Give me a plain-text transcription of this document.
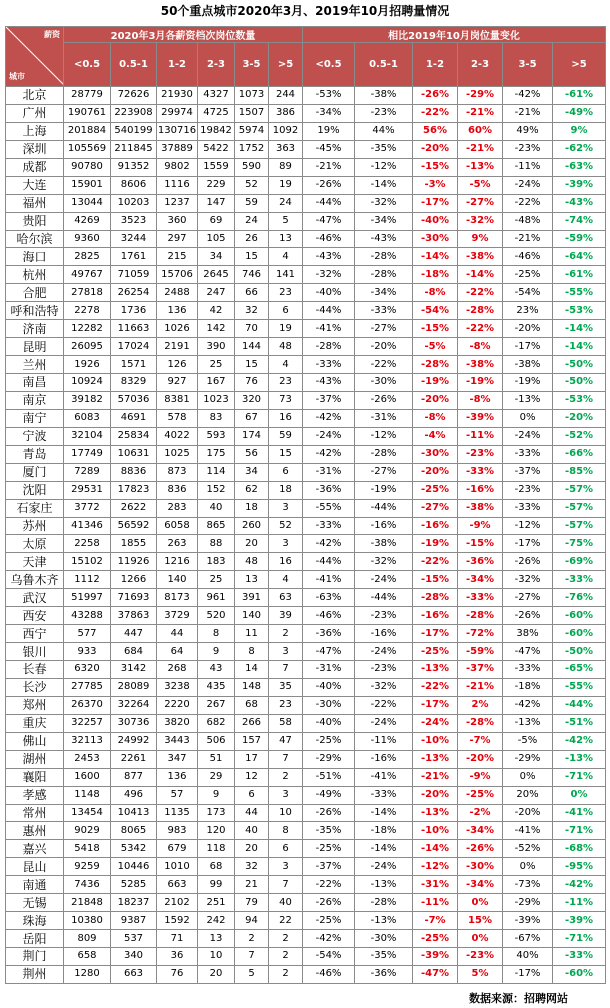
50个重点城市2020年3月、2019年10月招聘量情况
薪资
城市	2020年3月各薪资档次岗位数量						相比2019年10月岗位量变化					
	<0.5	0.5-1	1-2	2-3	3-5	>5	<0.5	0.5-1	1-2	2-3	3-5	>5
北京	28779	72626	21930	4327	1073	244	-53%	-38%	-26%	-29%	-42%	-61%
广州	190761	223908	29974	4725	1507	386	-34%	-23%	-22%	-21%	-21%	-49%
上海	201884	540199	130716	19842	5974	1092	19%	44%	56%	60%	49%	9%
深圳	105569	211845	37889	5422	1752	363	-45%	-35%	-20%	-21%	-23%	-62%
成都	90780	91352	9802	1559	590	89	-21%	-12%	-15%	-13%	-11%	-63%
大连	15901	8606	1116	229	52	19	-26%	-14%	-3%	-5%	-24%	-39%
福州	13044	10203	1237	147	59	24	-44%	-32%	-17%	-27%	-22%	-43%
贵阳	4269	3523	360	69	24	5	-47%	-34%	-40%	-32%	-48%	-74%
哈尔滨	9360	3244	297	105	26	13	-46%	-43%	-30%	9%	-21%	-59%
海口	2825	1761	215	34	15	4	-43%	-28%	-14%	-38%	-46%	-64%
杭州	49767	71059	15706	2645	746	141	-32%	-28%	-18%	-14%	-25%	-61%
合肥	27818	26254	2488	247	66	23	-40%	-34%	-8%	-22%	-54%	-55%
呼和浩特	2278	1736	136	42	32	6	-44%	-33%	-54%	-28%	23%	-53%
济南	12282	11663	1026	142	70	19	-41%	-27%	-15%	-22%	-20%	-14%
昆明	26095	17024	2191	390	144	48	-28%	-20%	-5%	-8%	-17%	-14%
兰州	1926	1571	126	25	15	4	-33%	-22%	-28%	-38%	-38%	-50%
南昌	10924	8329	927	167	76	23	-43%	-30%	-19%	-19%	-19%	-50%
南京	39182	57036	8381	1023	320	73	-37%	-26%	-20%	-8%	-13%	-53%
南宁	6083	4691	578	83	67	16	-42%	-31%	-8%	-39%	0%	-20%
宁波	32104	25834	4022	593	174	59	-24%	-12%	-4%	-11%	-24%	-52%
青岛	17749	10631	1025	175	56	15	-42%	-28%	-30%	-23%	-33%	-66%
厦门	7289	8836	873	114	34	6	-31%	-27%	-20%	-33%	-37%	-85%
沈阳	29531	17823	836	152	62	18	-36%	-19%	-25%	-16%	-23%	-57%
石家庄	3772	2622	283	40	18	3	-55%	-44%	-27%	-38%	-33%	-57%
苏州	41346	56592	6058	865	260	52	-33%	-16%	-16%	-9%	-12%	-57%
太原	2258	1855	263	88	20	3	-42%	-38%	-19%	-15%	-17%	-75%
天津	15102	11926	1216	183	48	16	-44%	-32%	-22%	-36%	-26%	-69%
乌鲁木齐	1112	1266	140	25	13	4	-41%	-24%	-15%	-34%	-32%	-33%
武汉	51997	71693	8173	961	391	63	-63%	-44%	-28%	-33%	-27%	-76%
西安	43288	37863	3729	520	140	39	-46%	-23%	-16%	-28%	-26%	-60%
西宁	577	447	44	8	11	2	-36%	-16%	-17%	-72%	38%	-60%
银川	933	684	64	9	8	3	-47%	-24%	-25%	-59%	-47%	-50%
长春	6320	3142	268	43	14	7	-31%	-23%	-13%	-37%	-33%	-65%
长沙	27785	28089	3238	435	148	35	-40%	-32%	-22%	-21%	-18%	-55%
郑州	26370	32264	2220	267	68	23	-30%	-22%	-17%	2%	-42%	-44%
重庆	32257	30736	3820	682	266	58	-40%	-24%	-24%	-28%	-13%	-51%
佛山	32113	24992	3443	506	157	47	-25%	-11%	-10%	-7%	-5%	-42%
湖州	2453	2261	347	51	17	7	-29%	-16%	-13%	-20%	-29%	-13%
襄阳	1600	877	136	29	12	2	-51%	-41%	-21%	-9%	0%	-71%
孝感	1148	496	57	9	6	3	-49%	-33%	-20%	-25%	20%	0%
常州	13454	10413	1135	173	44	10	-26%	-14%	-13%	-2%	-20%	-41%
惠州	9029	8065	983	120	40	8	-35%	-18%	-10%	-34%	-41%	-71%
嘉兴	5418	5342	679	118	20	6	-25%	-14%	-14%	-26%	-52%	-68%
昆山	9259	10446	1010	68	32	3	-37%	-24%	-12%	-30%	0%	-95%
南通	7436	5285	663	99	21	7	-22%	-13%	-31%	-34%	-73%	-42%
无锡	21848	18237	2102	251	79	40	-26%	-28%	-11%	0%	-29%	-11%
珠海	10380	9387	1592	242	94	22	-25%	-13%	-7%	15%	-39%	-39%
岳阳	809	537	71	13	2	2	-42%	-30%	-25%	0%	-67%	-71%
荆门	658	340	36	10	7	2	-54%	-35%	-39%	-23%	40%	-33%
荆州	1280	663	76	20	5	2	-46%	-36%	-47%	5%	-17%	-60%
数据来源：招聘网站
